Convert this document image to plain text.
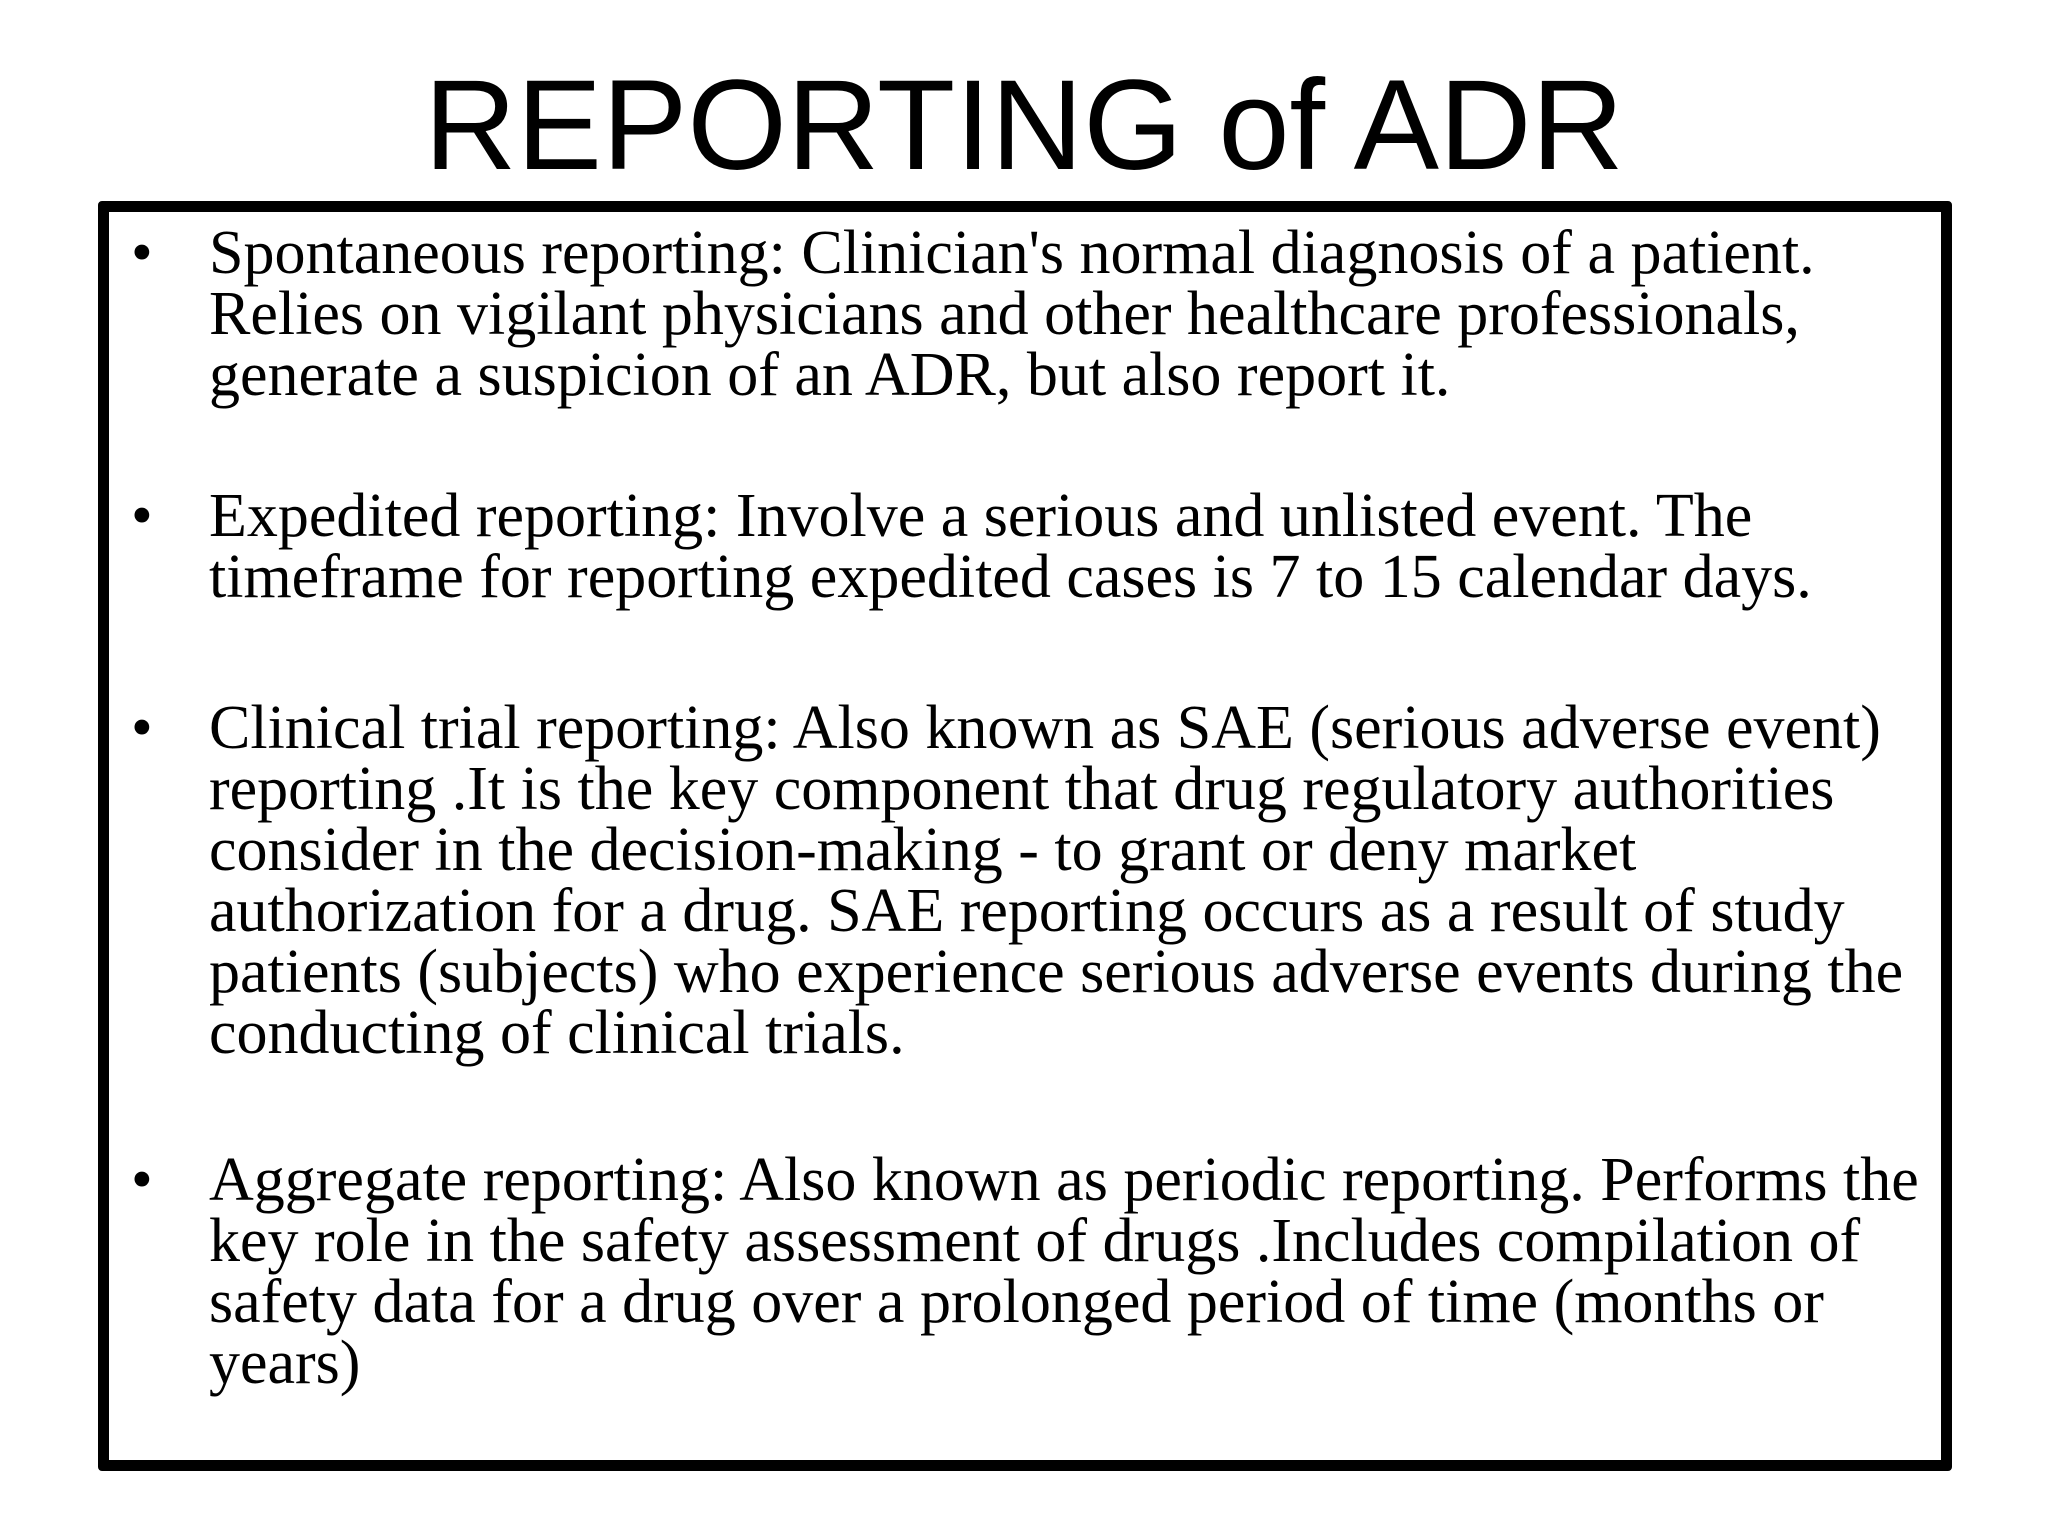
REPORTING of ADR
• Spontaneous reporting: Clinician's normal diagnosis of a patient. Relies on vigilant physicians and other healthcare professionals, generate a suspicion of an ADR, but also report it.

• Expedited reporting: Involve a serious and unlisted event. The timeframe for reporting expedited cases is 7 to 15 calendar days.

• Clinical trial reporting: Also known as SAE (serious adverse event) reporting .It is the key component that drug regulatory authorities consider in the decision-making - to grant or deny market authorization for a drug. SAE reporting occurs as a result of study patients (subjects) who experience serious adverse events during the conducting of clinical trials.

• Aggregate reporting: Also known as periodic reporting. Performs the key role in the safety assessment of drugs .Includes compilation of safety data for a drug over a prolonged period of time (months or years)
